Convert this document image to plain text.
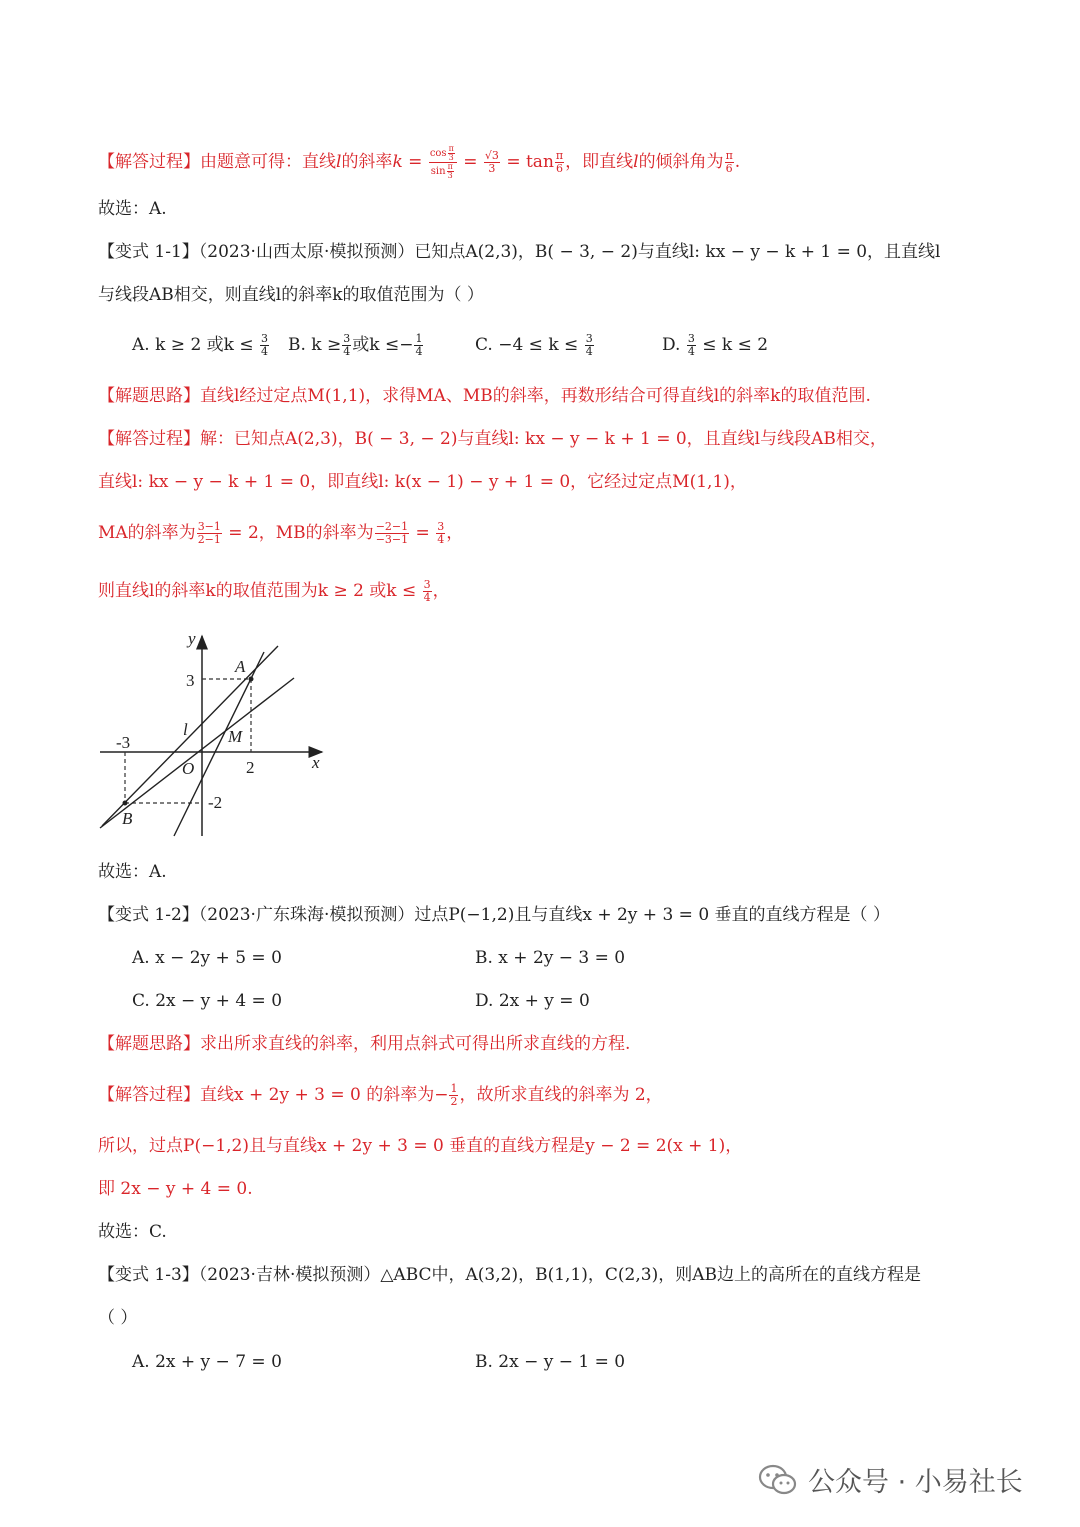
【解答过程】由题意可得：直线l的斜率$k = \frac{\cos \frac{\pi}{3}}{\sin \frac{\pi}{3}} = \frac{√3}{3} = \tan \frac{\pi}{6}$ ，即直线l的倾斜角为 $\frac{\pi}{6}$ .
故选：A.
【变式 1-1】（2023·山西太原·模拟预测）已知点A(2,3)，B( − 3, − 2)与直线l: kx − y − k + 1 = 0，且直线l
与线段AB相交，则直线l的斜率k的取值范围为（ ）
A. k ≥ 2 或$k \le \frac{3}{4} B$. $k \ge \frac{3}{4}$ 或$k \le- \frac{1}{4}$	C. $-4 \le k \le \frac{3}{4}$	D. $\frac{3}{4} \le k \le 2$
【解题思路】直线l经过定点M(1,1)，求得MA、MB的斜率，再数形结合可得直线l的斜率k的取值范围.
【解答过程】解：已知点A(2,3)，B( − 3, − 2)与直线l: kx − y − k + 1 = 0，且直线l与线段AB相交，
直线l: kx − y − k + 1 = 0，即直线l: k(x − 1) − y + 1 = 0，它经过定点M(1,1)，
MA的斜率为 $\frac{3-1}{2-1} = 2$，MB的斜率为 $\frac{-2-1}{-3-1} = \frac{3}{4}$ ，
则直线l的斜率k的取值范围为k ≥ 2 或$k \le \frac{3}{4}$ ，
y
x
A
B
M
O
l
3
-3
2
-2
故选：A.
【变式 1-2】（2023·广东珠海·模拟预测）过点P(−1,2)且与直线x + 2y + 3 = 0 垂直的直线方程是（ ）
A. x − 2y + 5 = 0	B. x + 2y − 3 = 0
C. 2x − y + 4 = 0	D. 2x + y = 0
【解题思路】求出所求直线的斜率，利用点斜式可得出所求直线的方程.
【解答过程】直线x + 2y + 3 = 0 的斜率为− $\frac{1}{2}$ ，故所求直线的斜率为 2，
所以，过点P(−1,2)且与直线x + 2y + 3 = 0 垂直的直线方程是y − 2 = 2(x + 1)，
即 2x − y + 4 = 0.
故选：C.
【变式 1-3】（2023·吉林·模拟预测）△ABC中，A(3,2)，B(1,1)，C(2,3)，则AB边上的高所在的直线方程是
（ ）
A. 2x + y − 7 = 0	B. 2x − y − 1 = 0
公众号 · 小易社长
